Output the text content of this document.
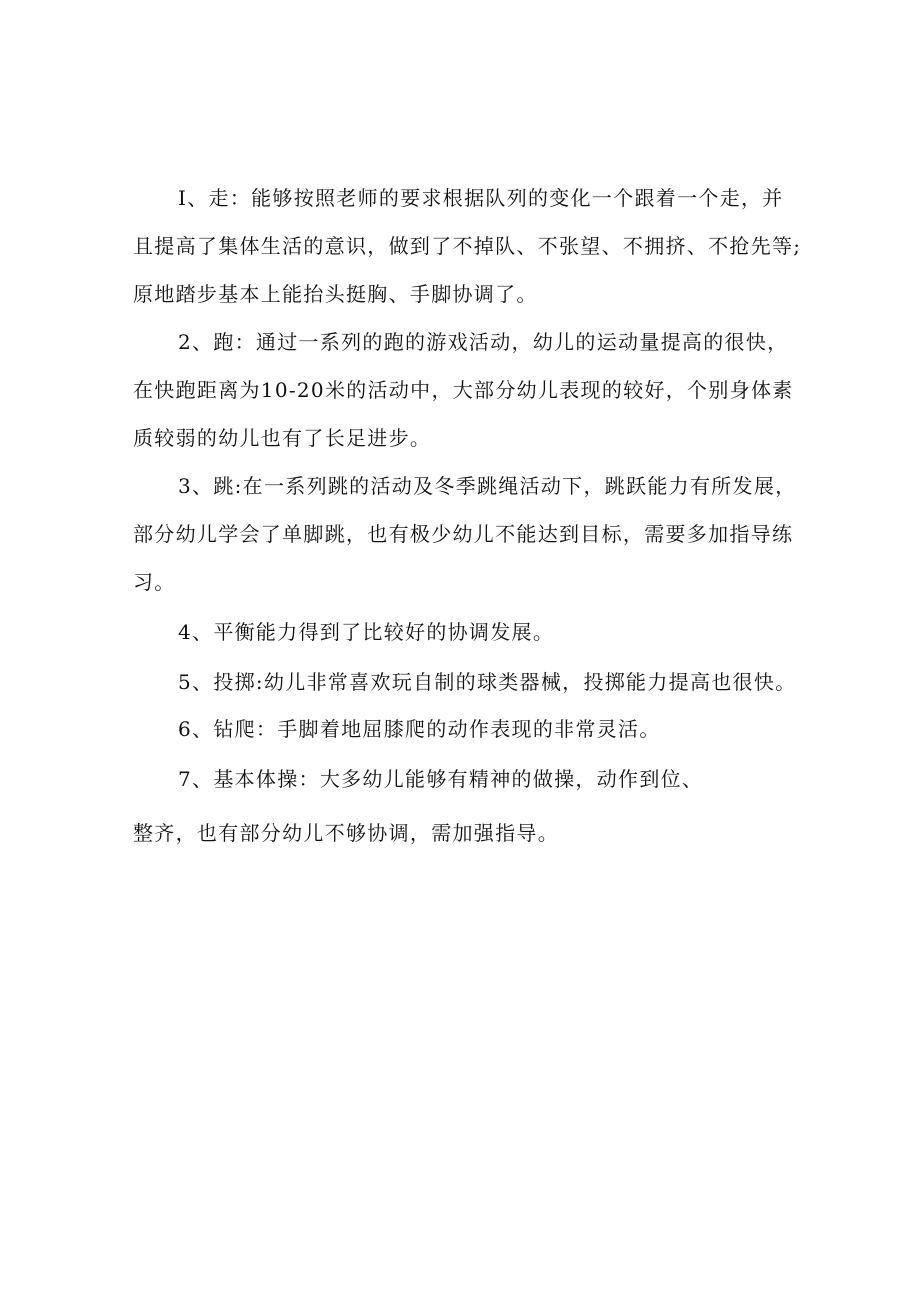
I、走：能够按照老师的要求根据队列的变化一个跟着一个走，并
且提高了集体生活的意识，做到了不掉队、不张望、不拥挤、不抢先等;
原地踏步基本上能抬头挺胸、手脚协调了。
2、跑：通过一系列的跑的游戏活动，幼儿的运动量提高的很快，
在快跑距离为10-20米的活动中，大部分幼儿表现的较好，个别身体素
质较弱的幼儿也有了长足进步。
3、跳:在一系列跳的活动及冬季跳绳活动下，跳跃能力有所发展，
部分幼儿学会了单脚跳，也有极少幼儿不能达到目标，需要多加指导练
习。
4、平衡能力得到了比较好的协调发展。
5、投掷:幼儿非常喜欢玩自制的球类器械，投掷能力提高也很快。
6、钻爬：手脚着地屈膝爬的动作表现的非常灵活。
7、基本体操：大多幼儿能够有精神的做操，动作到位、
整齐，也有部分幼儿不够协调，需加强指导。
